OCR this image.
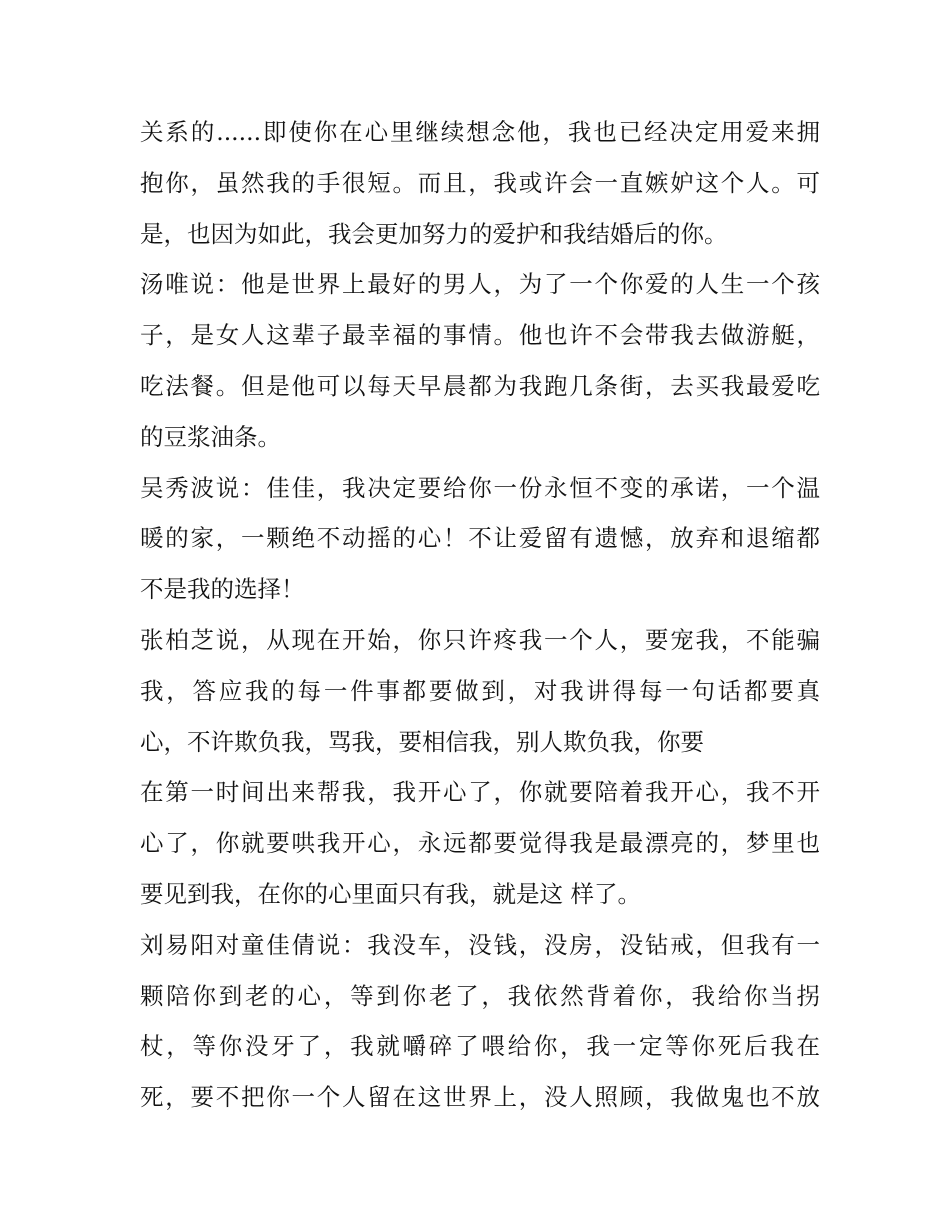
关系的......即使你在心里继续想念他，我也已经决定用爱来拥
抱你，虽然我的手很短。而且，我或许会一直嫉妒这个人。可
是，也因为如此，我会更加努力的爱护和我结婚后的你。
汤唯说：他是世界上最好的男人，为了一个你爱的人生一个孩
子，是女人这辈子最幸福的事情。他也许不会带我去做游艇，
吃法餐。但是他可以每天早晨都为我跑几条街，去买我最爱吃
的豆浆油条。
吴秀波说：佳佳，我决定要给你一份永恒不变的承诺，一个温
暖的家，一颗绝不动摇的心！不让爱留有遗憾，放弃和退缩都
不是我的选择！
张柏芝说，从现在开始，你只许疼我一个人，要宠我，不能骗
我，答应我的每一件事都要做到，对我讲得每一句话都要真
心，不许欺负我，骂我，要相信我，别人欺负我，你要
在第一时间出来帮我，我开心了，你就要陪着我开心，我不开
心了，你就要哄我开心，永远都要觉得我是最漂亮的，梦里也
要见到我，在你的心里面只有我，就是这 样了。
刘易阳对童佳倩说：我没车，没钱，没房，没钻戒，但我有一
颗陪你到老的心，等到你老了，我依然背着你，我给你当拐
杖，等你没牙了，我就嚼碎了喂给你，我一定等你死后我在
死，要不把你一个人留在这世界上，没人照顾，我做鬼也不放
